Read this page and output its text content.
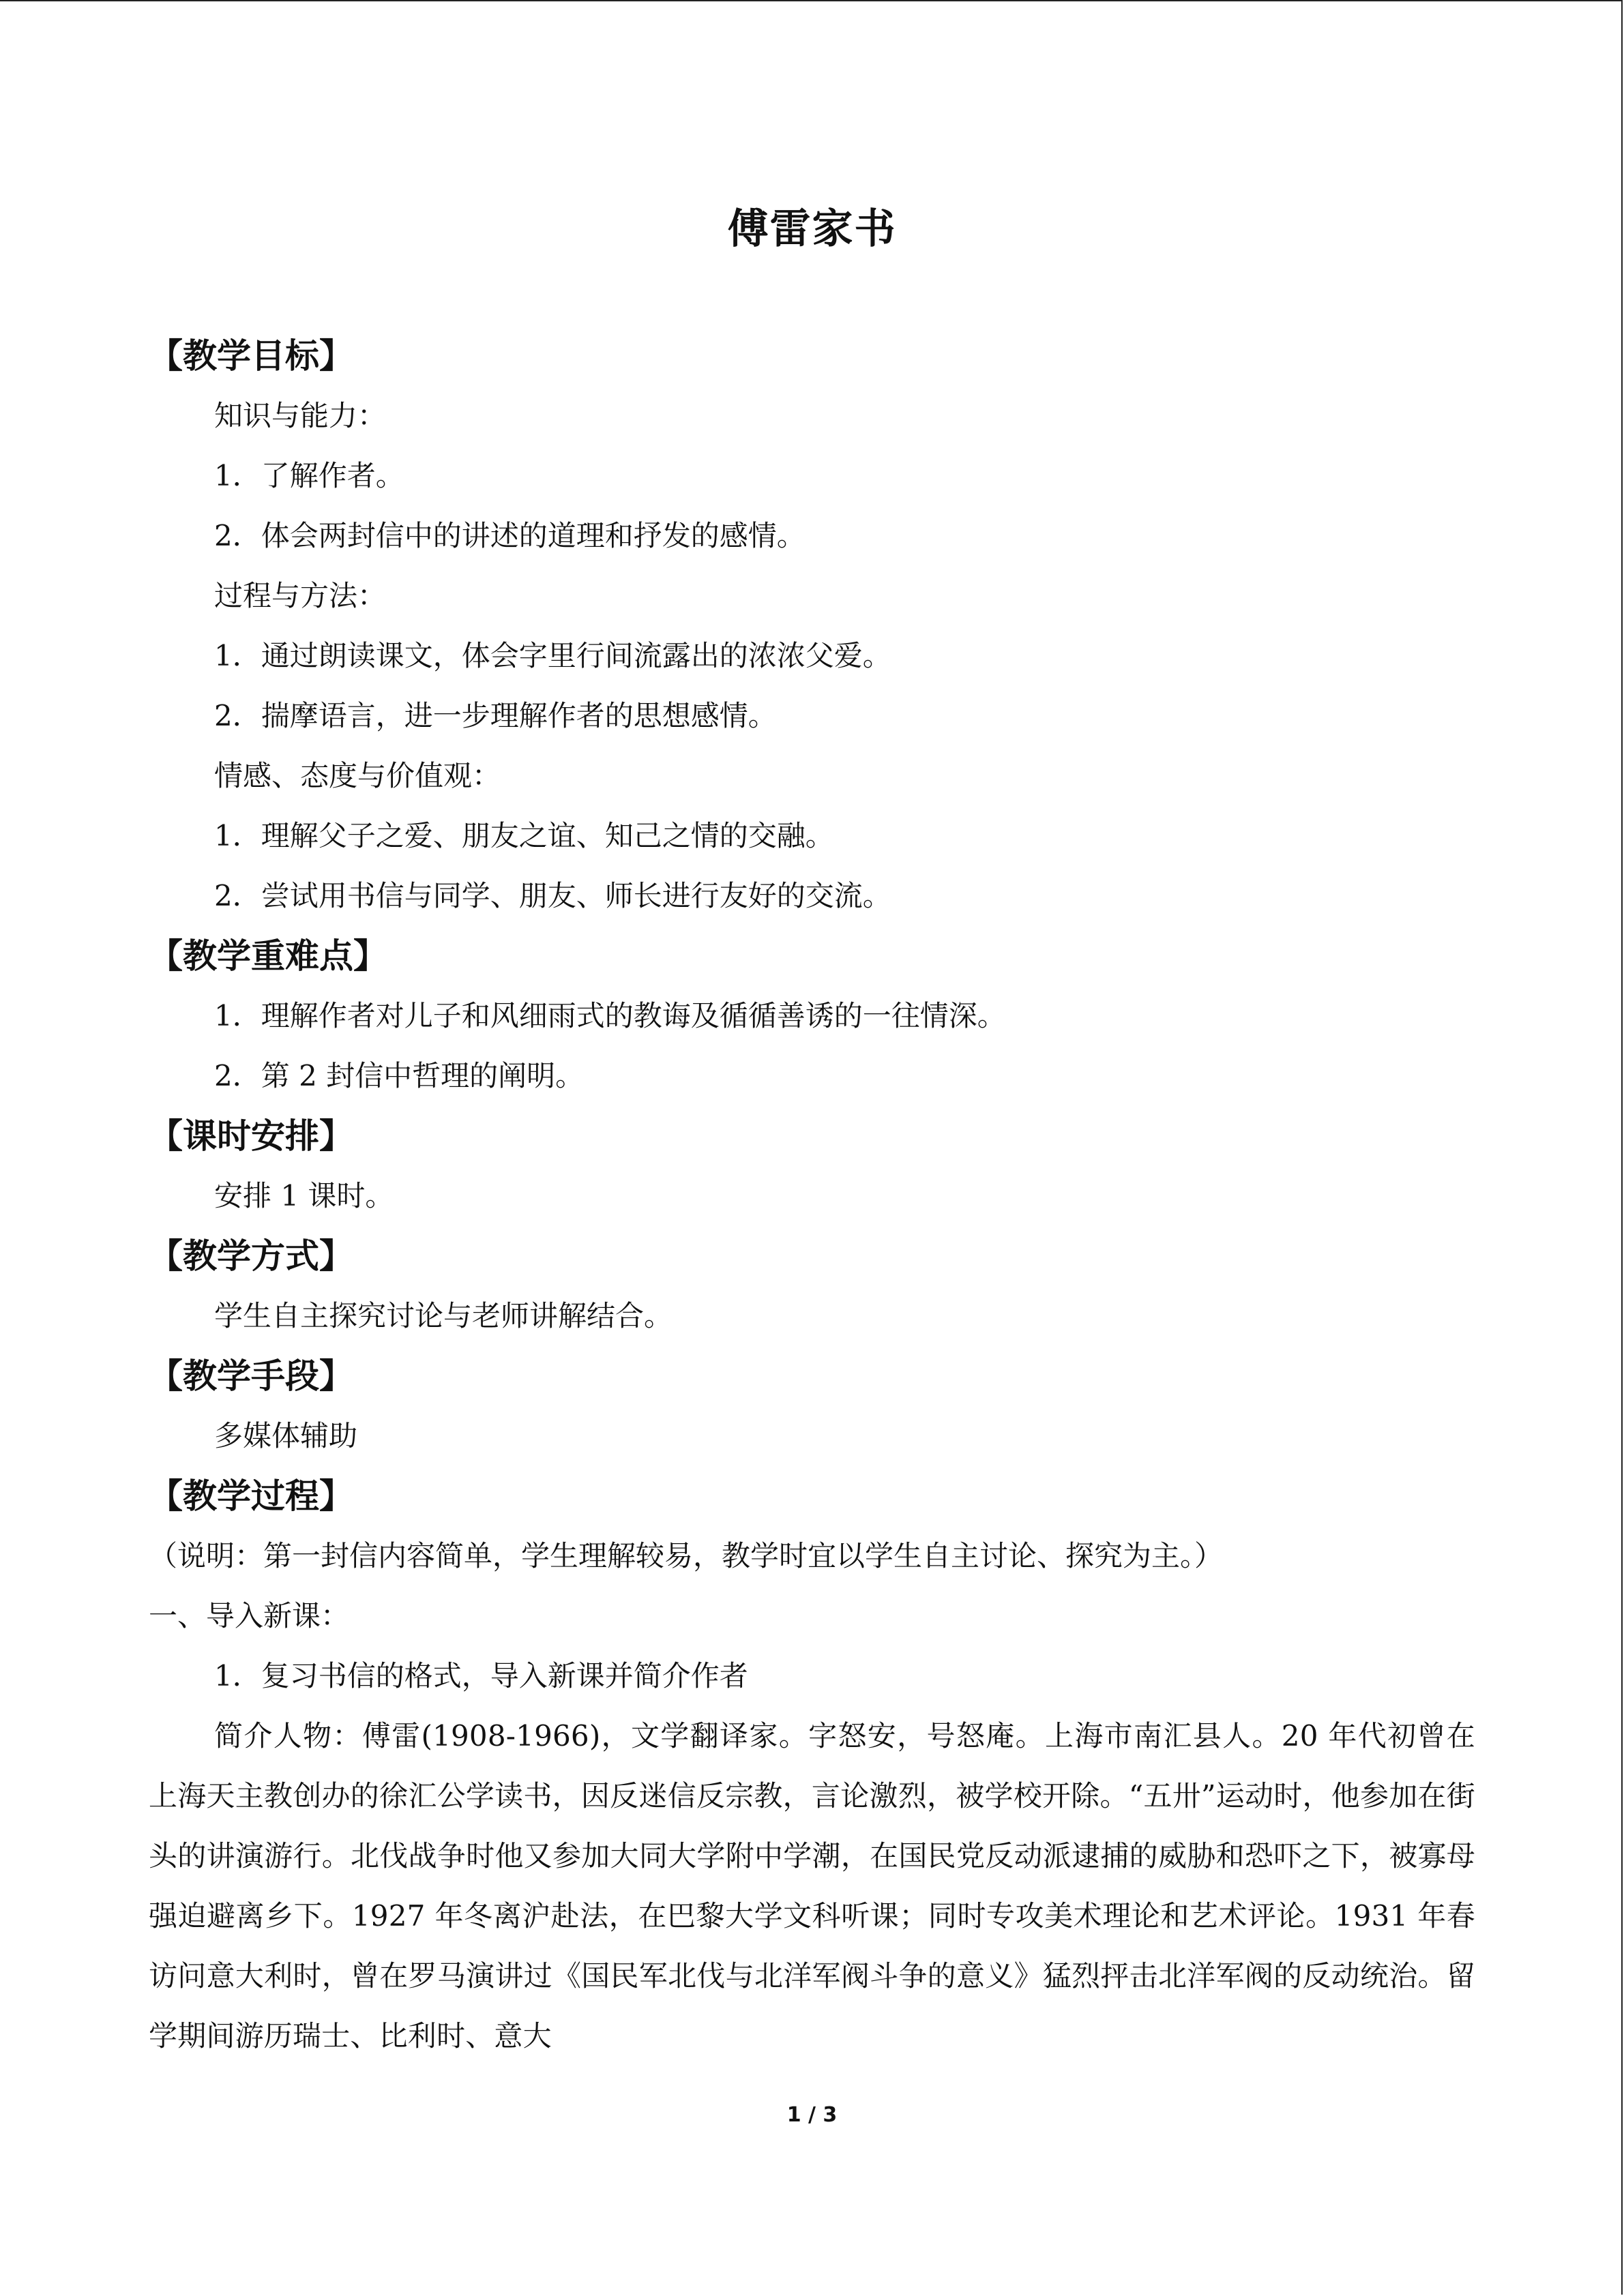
傅雷家书
【教学目标】
知识与能力：
1．了解作者。
2．体会两封信中的讲述的道理和抒发的感情。
过程与方法：
1．通过朗读课文，体会字里行间流露出的浓浓父爱。
2．揣摩语言，进一步理解作者的思想感情。
情感、态度与价值观：
1．理解父子之爱、朋友之谊、知己之情的交融。
2．尝试用书信与同学、朋友、师长进行友好的交流。
【教学重难点】
1．理解作者对儿子和风细雨式的教诲及循循善诱的一往情深。
2．第 2 封信中哲理的阐明。
【课时安排】
安排 1 课时。
【教学方式】
学生自主探究讨论与老师讲解结合。
【教学手段】
多媒体辅助
【教学过程】
（说明：第一封信内容简单，学生理解较易，教学时宜以学生自主讨论、探究为主。）
一、导入新课：
1．复习书信的格式，导入新课并简介作者
简介人物：傅雷(1908-1966)，文学翻译家。字怒安，号怒庵。上海市南汇县人。20 年代初曾在上海天主教创办的徐汇公学读书，因反迷信反宗教，言论激烈，被学校开除。“五卅”运动时，他参加在街头的讲演游行。北伐战争时他又参加大同大学附中学潮，在国民党反动派逮捕的威胁和恐吓之下，被寡母强迫避离乡下。1927 年冬离沪赴法，在巴黎大学文科听课；同时专攻美术理论和艺术评论。1931 年春访问意大利时，曾在罗马演讲过《国民军北伐与北洋军阀斗争的意义》猛烈抨击北洋军阀的反动统治。留学期间游历瑞士、比利时、意大
1 / 3
